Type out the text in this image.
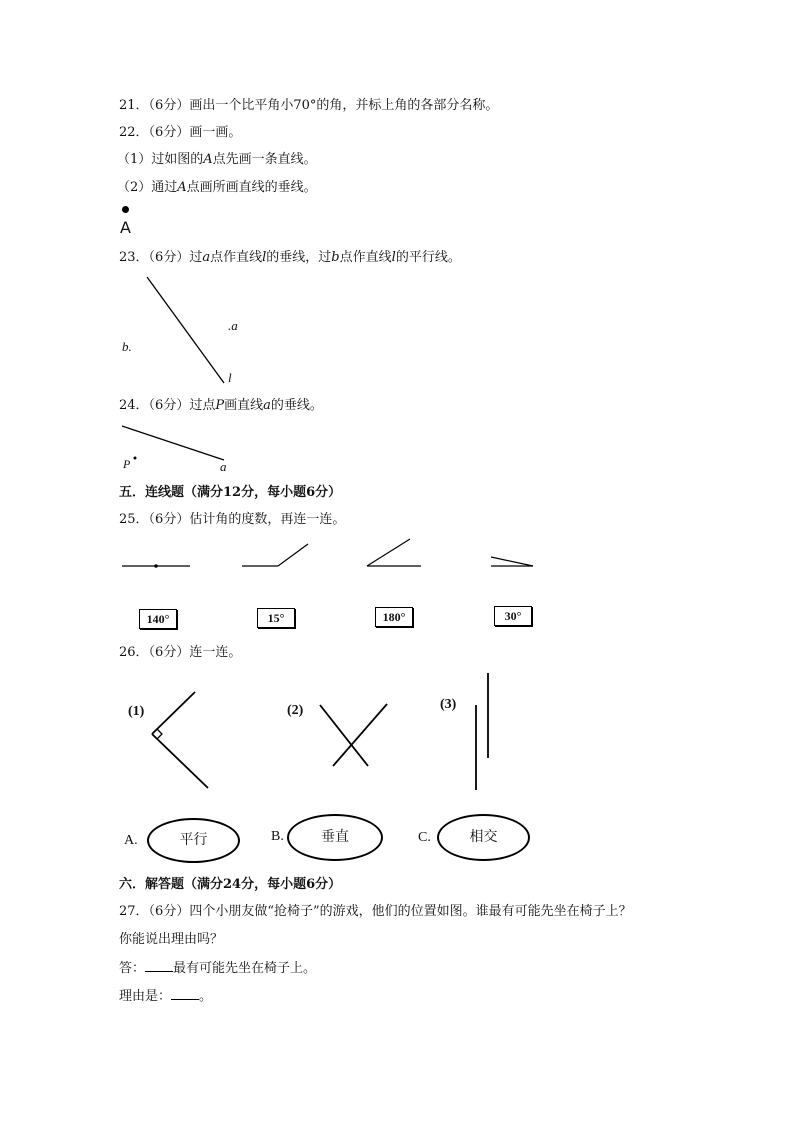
21．（6分）画出一个比平角小70°的角，并标上角的各部分名称。
22．（6分）画一画。
（1）过如图的A点先画一条直线。
（2）通过A点画所画直线的垂线。
A
23．（6分）过a点作直线l的垂线，过b点作直线l的平行线。
.a
b.
l
24．（6分）过点P画直线a的垂线。
P	a
五．连线题（满分12分，每小题6分）
25．（6分）估计角的度数，再连一连。
140°	15°	180°	30°
26．（6分）连一连。
(1)	(2)	(3)
A.	平行	B.	垂直	C.	相交
六．解答题（满分24分，每小题6分）
27．（6分）四个小朋友做“抢椅子”的游戏，他们的位置如图。谁最有可能先坐在椅子上？
你能说出理由吗？
答： 最有可能先坐在椅子上。
理由是： 。
